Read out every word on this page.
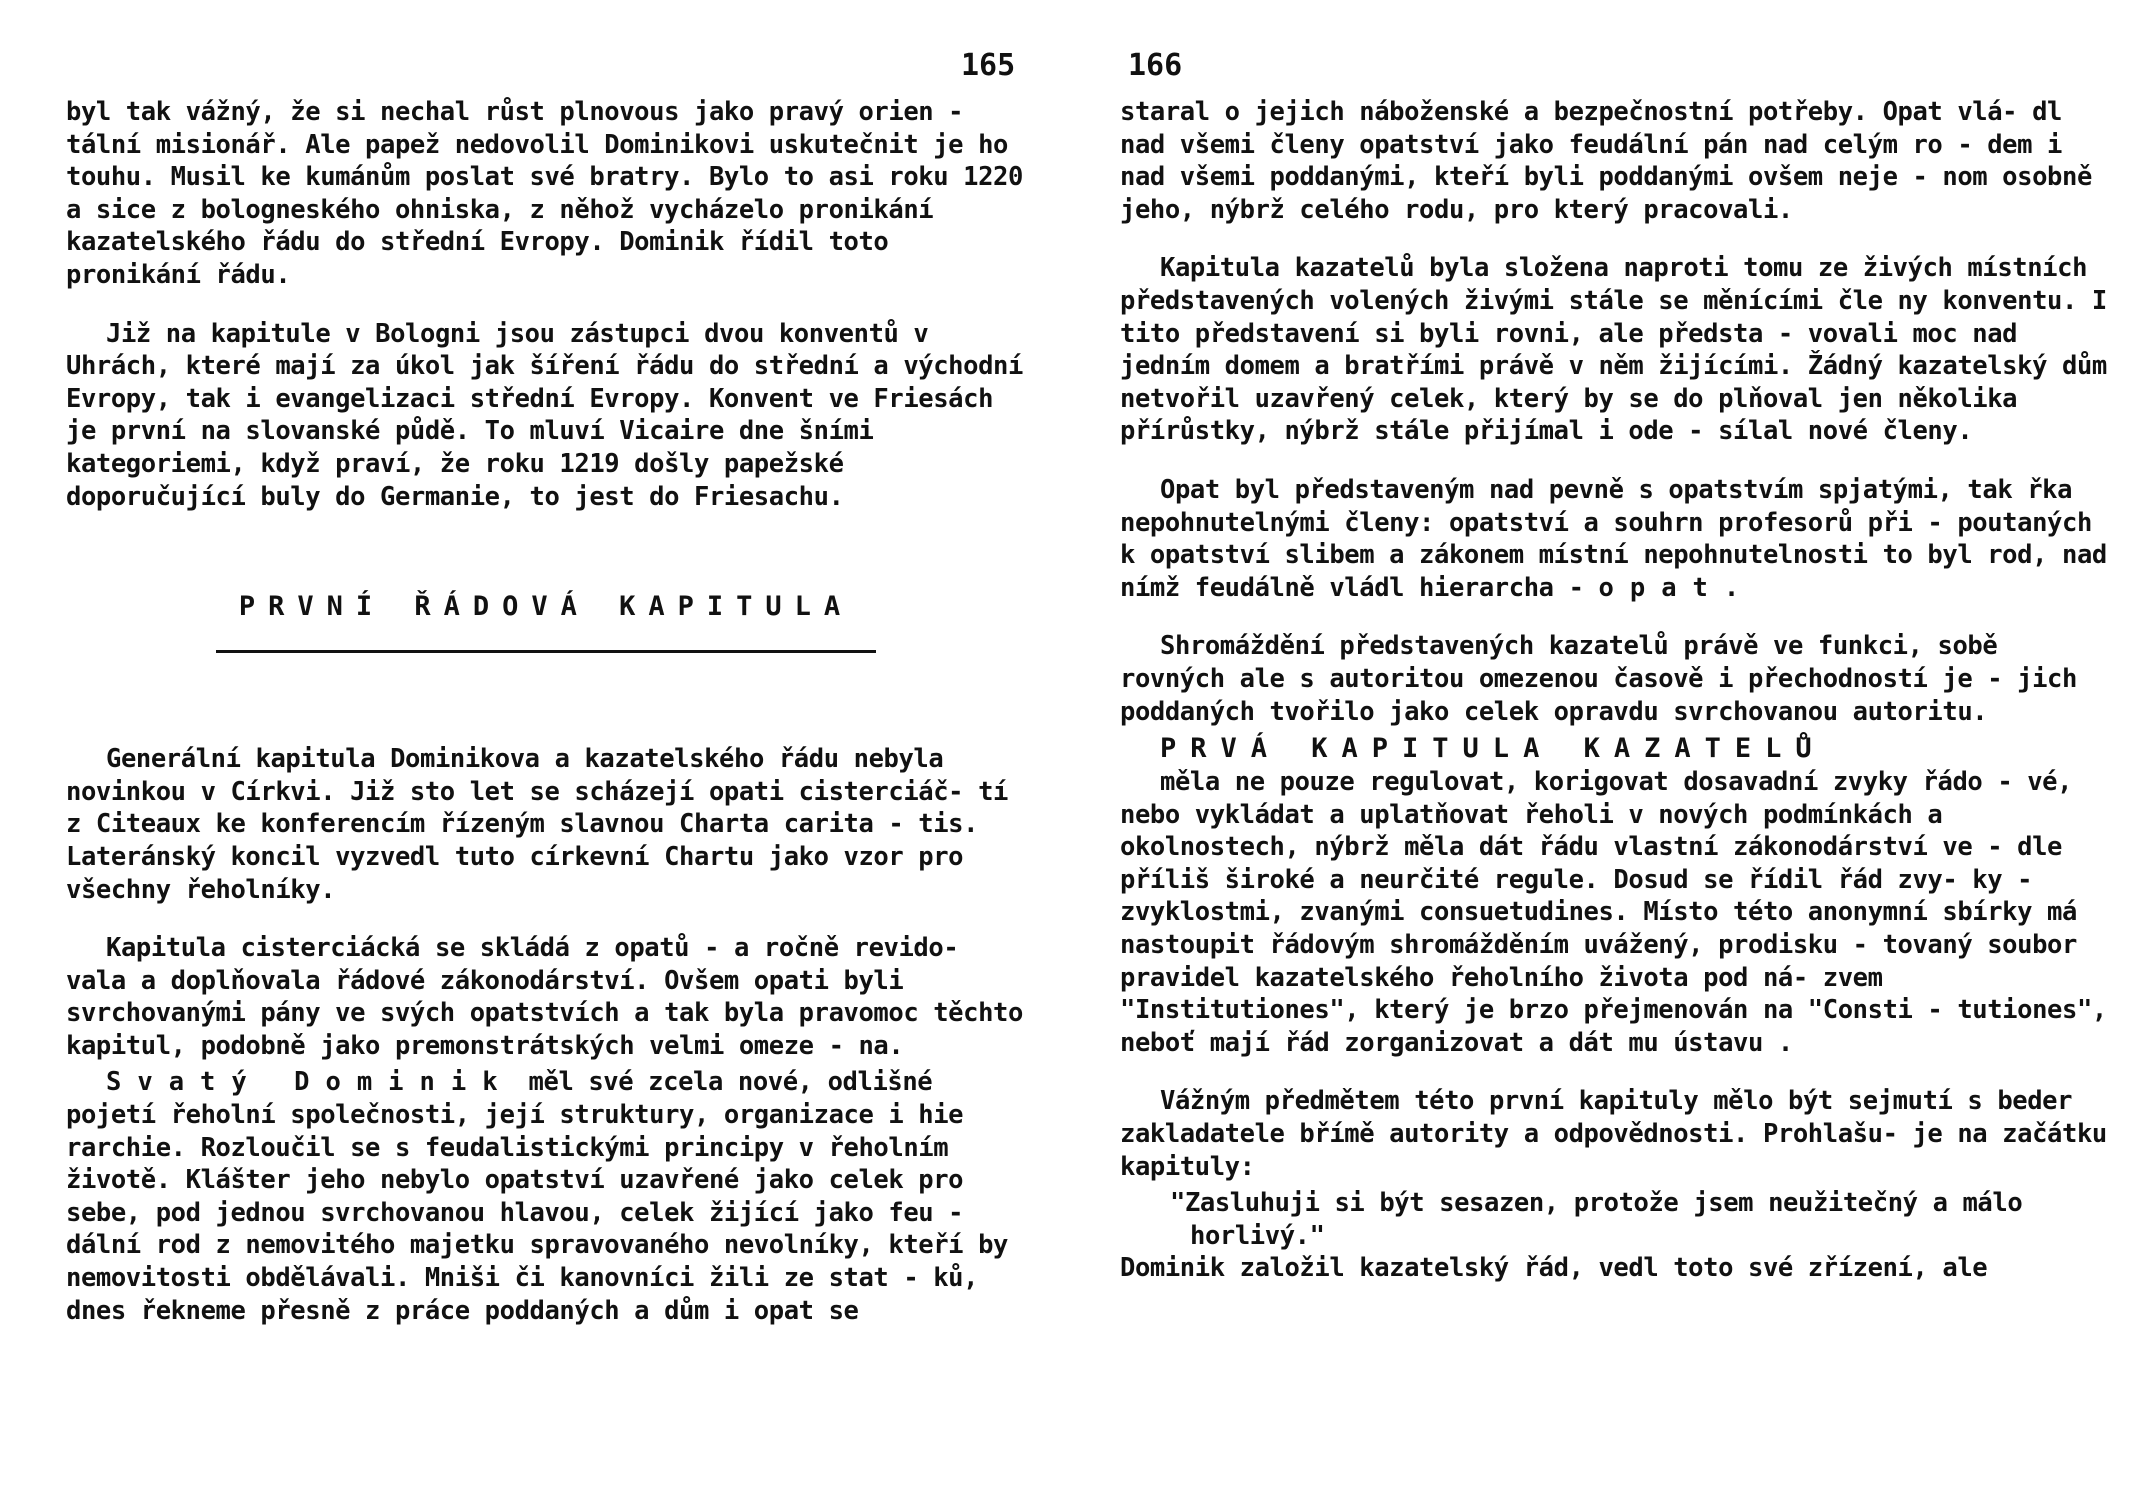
165

byl tak vážný, že si nechal růst plnovous jako pravý orien - tální misionář. Ale papež nedovolil Dominikovi uskutečnit je ho touhu. Musil ke kumánům poslat své bratry. Bylo to asi roku 1220 a sice z bologneského ohniska, z něhož vycházelo pronikání kazatelského řádu do střední Evropy. Dominik řídil toto pronikání řádu.

Již na kapitule v Bologni jsou zástupci dvou konventů v Uhrách, které mají za úkol jak šíření řádu do střední a východní Evropy, tak i evangelizaci střední Evropy. Konvent ve Friesách je první na slovanské půdě. To mluví Vicaire dne šními kategoriemi, když praví, že roku 1219 došly papežské doporučující buly do Germanie, to jest do Friesachu.

PRVNÍ ŘÁDOVÁ KAPITULA

Generální kapitula Dominikova a kazatelského řádu nebyla novinkou v Církvi. Již sto let se scházejí opati cisterciáč- tí z Citeaux ke konferencím řízeným slavnou Charta carita - tis. Lateránský koncil vyzvedl tuto církevní Chartu jako vzor pro všechny řeholníky.

Kapitula cisterciácká se skládá z opatů - a ročně revido- vala a doplňovala řádové zákonodárství. Ovšem opati byli svrchovanými pány ve svých opatstvích a tak byla pravomoc těchto kapitul, podobně jako premonstrátských velmi omeze - na.

Svatý Dominik měl své zcela nové, odlišné pojetí řeholní společnosti, její struktury, organizace i hie rarchie. Rozloučil se s feudalistickými principy v řeholním životě. Klášter jeho nebylo opatství uzavřené jako celek pro sebe, pod jednou svrchovanou hlavou, celek žijící jako feu - dální rod z nemovitého majetku spravovaného nevolníky, kteří by nemovitosti obdělávali. Mniši či kanovníci žili ze stat - ků, dnes řekneme přesně z práce poddaných a dům i opat se

166

staral o jejich náboženské a bezpečnostní potřeby. Opat vlá- dl nad všemi členy opatství jako feudální pán nad celým ro - dem i nad všemi poddanými, kteří byli poddanými ovšem neje - nom osobně jeho, nýbrž celého rodu, pro který pracovali.

Kapitula kazatelů byla složena naproti tomu ze živých místních představených volených živými stále se měnícími čle ny konventu. I tito představení si byli rovni, ale předsta - vovali moc nad jedním domem a bratřími právě v něm žijícími. Žádný kazatelský dům netvořil uzavřený celek, který by se do plňoval jen několika přírůstky, nýbrž stále přijímal i ode - sílal nové členy.

Opat byl představeným nad pevně s opatstvím spjatými, tak řka nepohnutelnými členy: opatství a souhrn profesorů při - poutaných k opatství slibem a zákonem místní nepohnutelnosti to byl rod, nad nímž feudálně vládl hierarcha - opat.

Shromáždění představených kazatelů právě ve funkci, sobě rovných ale s autoritou omezenou časově i přechodností je - jich poddaných tvořilo jako celek opravdu svrchovanou autoritu.

PRVÁ KAPITULA KAZATELŮ

měla ne pouze regulovat, korigovat dosavadní zvyky řádo - vé, nebo vykládat a uplatňovat řeholi v nových podmínkách a okolnostech, nýbrž měla dát řádu vlastní zákonodárství ve - dle příliš široké a neurčité regule. Dosud se řídil řád zvy- ky - zvyklostmi, zvanými consuetudines. Místo této anonymní sbírky má nastoupit řádovým shromážděním uvážený, prodisku - tovaný soubor pravidel kazatelského řeholního života pod ná- zvem "Institutiones", který je brzo přejmenován na "Consti - tutiones", neboť mají řád zorganizovat a dát mu ústavu .

Vážným předmětem této první kapituly mělo být sejmutí s beder zakladatele břímě autority a odpovědnosti. Prohlašu- je na začátku kapituly:

"Zasluhuji si být sesazen, protože jsem neužitečný a málo

horlivý."

Dominik založil kazatelský řád, vedl toto své zřízení, ale
